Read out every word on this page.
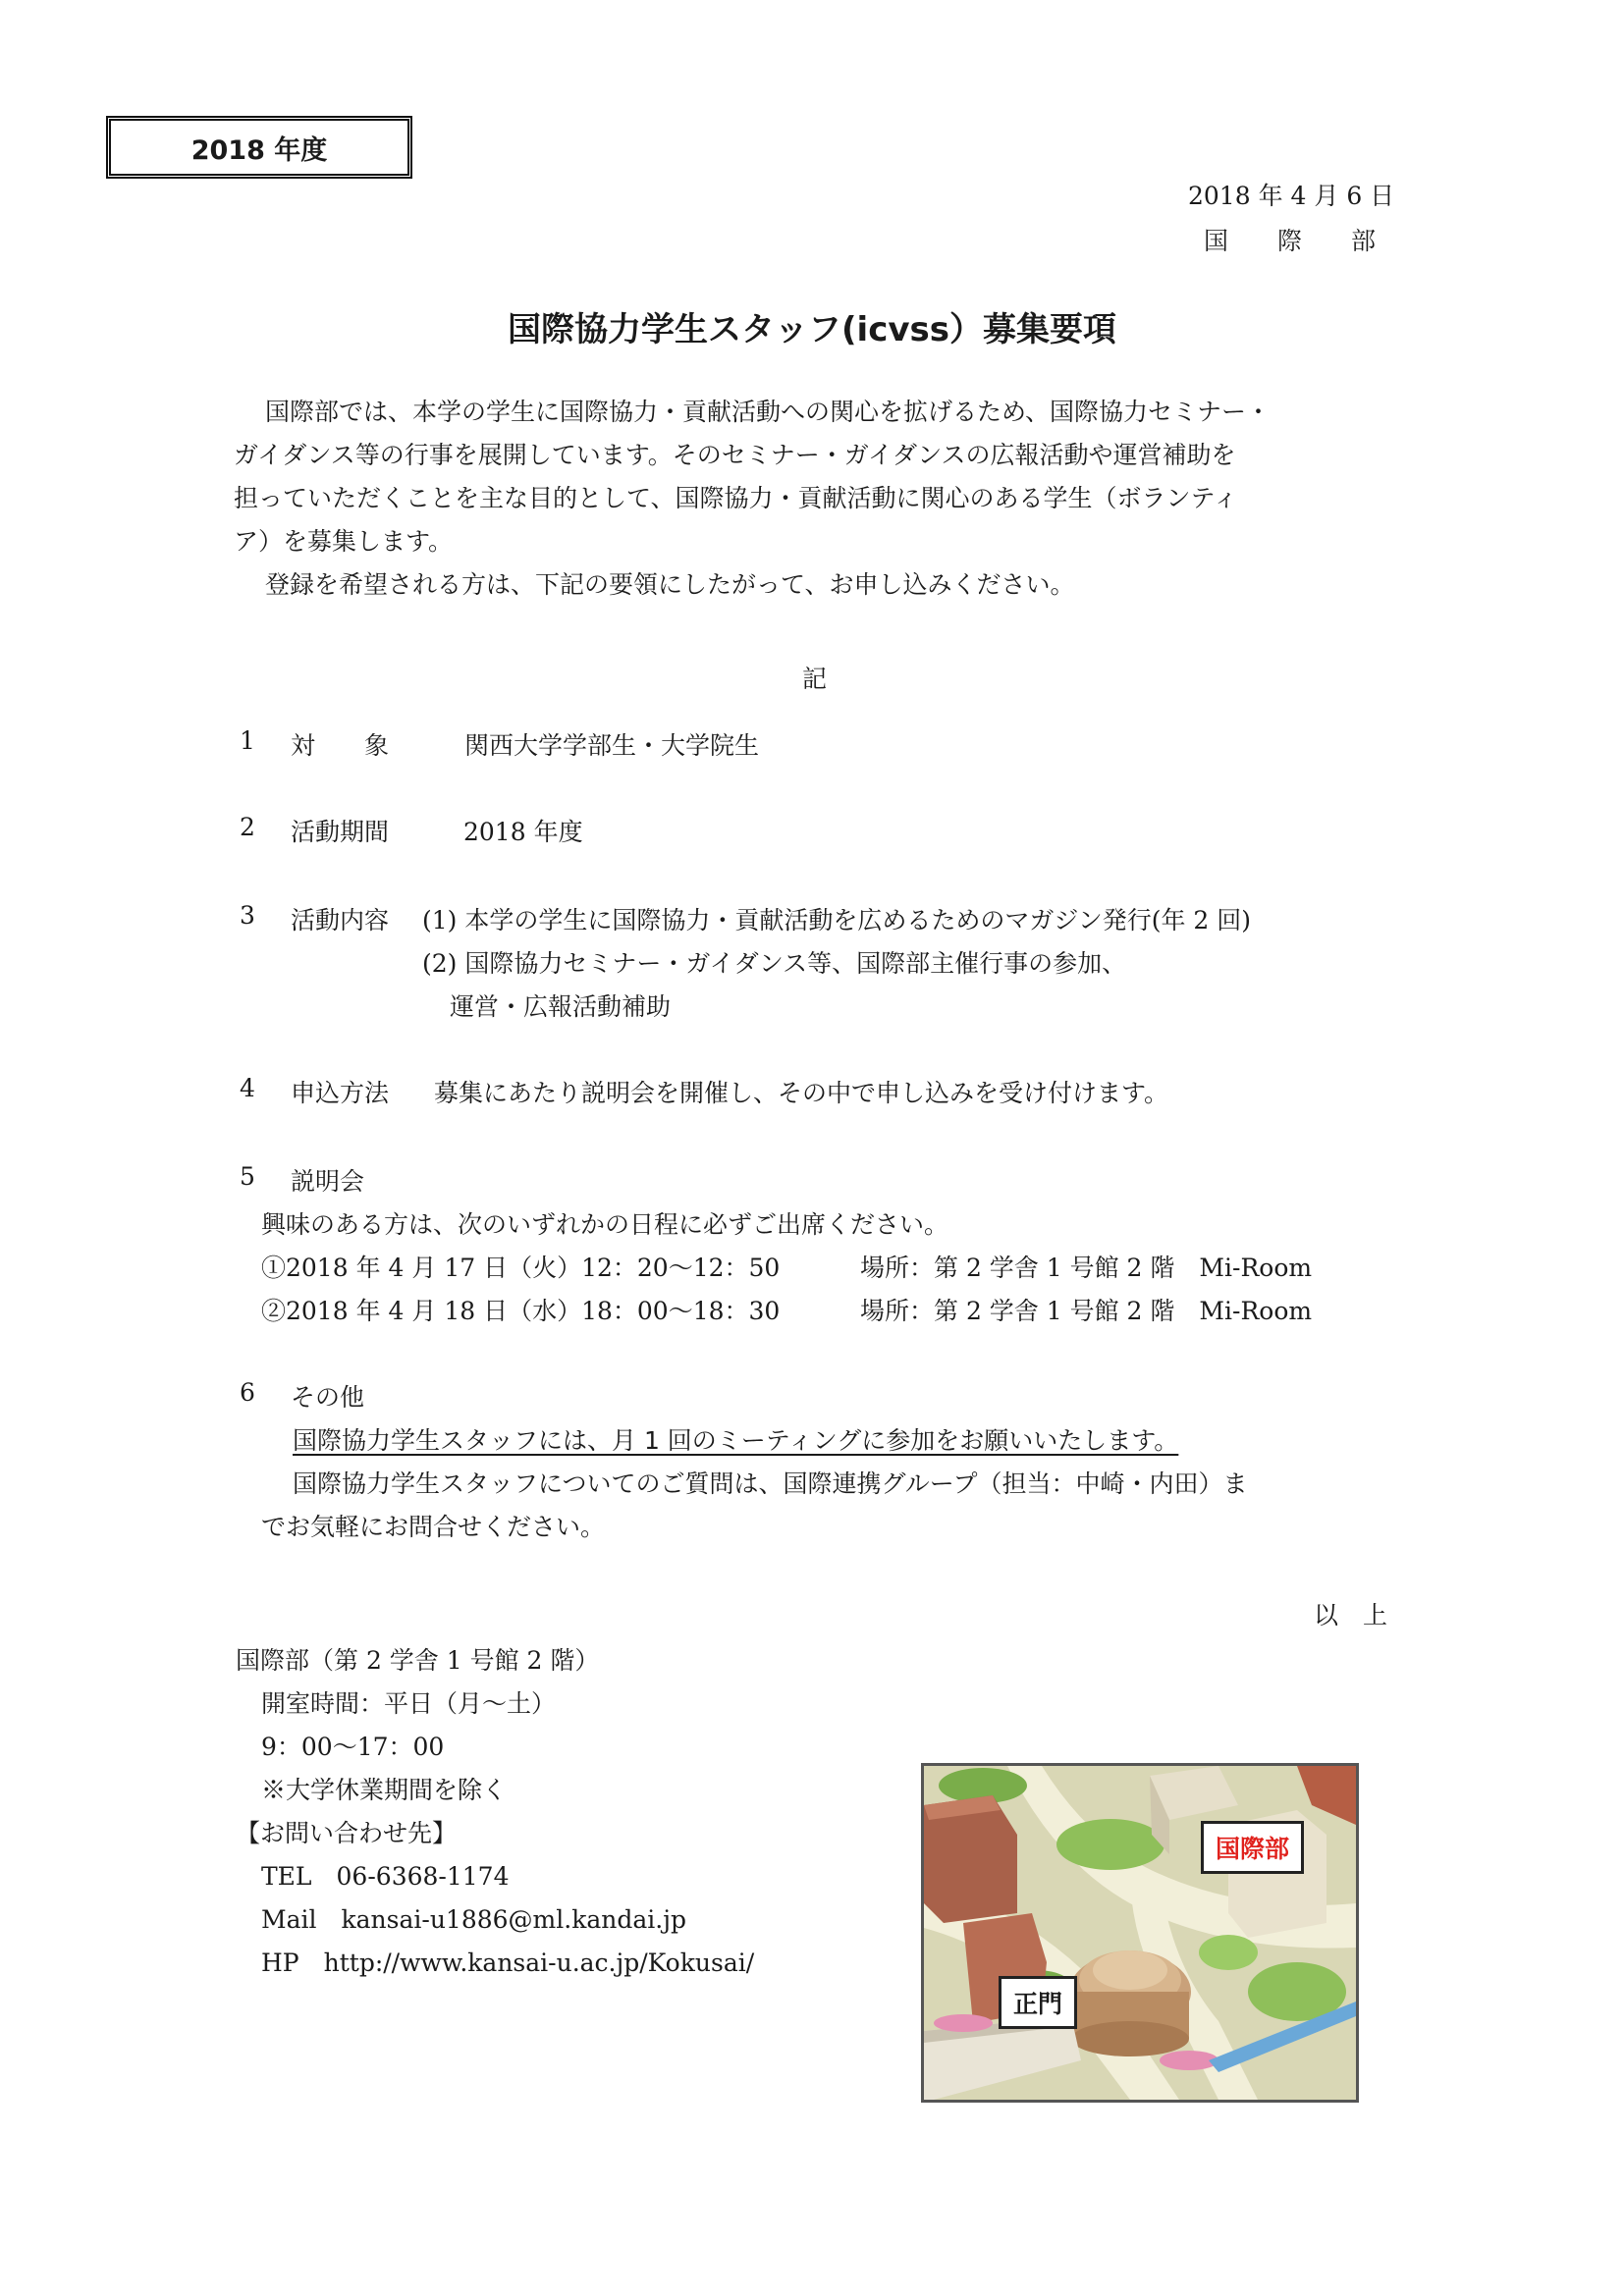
2018 年度
2018 年 4 月 6 日
国　　際　　部
国際協力学生スタッフ(icvss）募集要項
国際部では、本学の学生に国際協力・貢献活動への関心を拡げるため、国際協力セミナー・
ガイダンス等の行事を展開しています。そのセミナー・ガイダンスの広報活動や運営補助を
担っていただくことを主な目的として、国際協力・貢献活動に関心のある学生（ボランティ
ア）を募集します。
登録を希望される方は、下記の要領にしたがって、お申し込みください。
記
1 対　　象	関西大学学部生・大学院生
2 活動期間	2018 年度
3 活動内容 (1) 本学の学生に国際協力・貢献活動を広めるためのマガジン発行(年 2 回)
(2) 国際協力セミナー・ガイダンス等、国際部主催行事の参加、
運営・広報活動補助
4 申込方法 募集にあたり説明会を開催し、その中で申し込みを受け付けます。
5 説明会
興味のある方は、次のいずれかの日程に必ずご出席ください。
①2018 年 4 月 17 日（火）12：20～12：50	場所：第 2 学舎 1 号館 2 階　Mi-Room
②2018 年 4 月 18 日（水）18：00～18：30	場所：第 2 学舎 1 号館 2 階　Mi-Room
6 その他
国際協力学生スタッフには、月 1 回のミーティングに参加をお願いいたします。
国際協力学生スタッフについてのご質問は、国際連携グループ（担当：中崎・内田）ま
でお気軽にお問合せください。
以　上
国際部（第 2 学舎 1 号館 2 階）
開室時間：平日（月～土）
9：00～17：00
※大学休業期間を除く
【お問い合わせ先】
TEL　06-6368-1174
Mail　kansai-u1886@ml.kandai.jp
HP　http://www.kansai-u.ac.jp/Kokusai/
国際部
正門
